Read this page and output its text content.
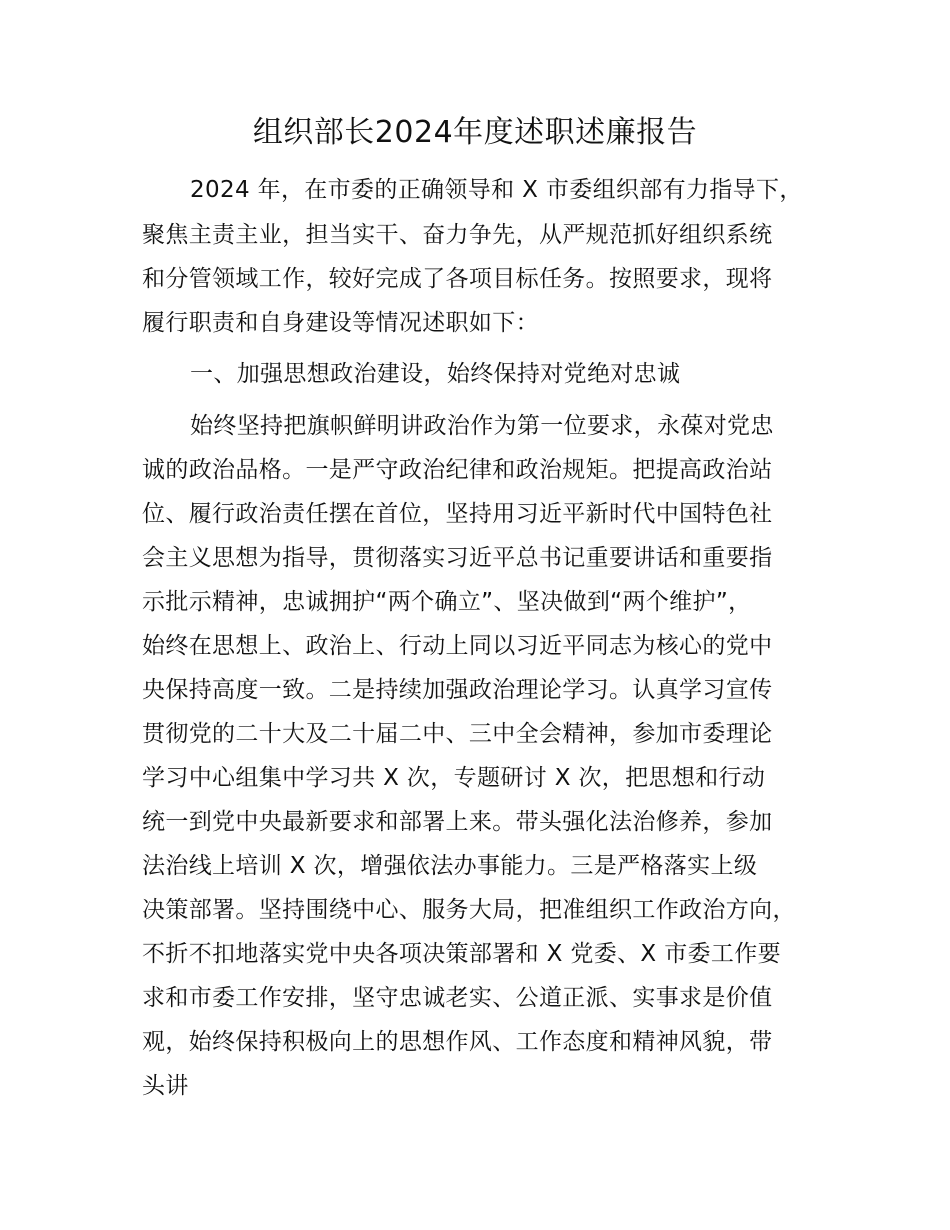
组织部长2024年度述职述廉报告

2024 年，在市委的正确领导和 X 市委组织部有力指导下，

聚焦主责主业，担当实干、奋力争先，从严规范抓好组织系统

和分管领域工作，较好完成了各项目标任务。按照要求，现将

履行职责和自身建设等情况述职如下：

一、加强思想政治建设，始终保持对党绝对忠诚

始终坚持把旗帜鲜明讲政治作为第一位要求，永葆对党忠

诚的政治品格。一是严守政治纪律和政治规矩。把提高政治站

位、履行政治责任摆在首位，坚持用习近平新时代中国特色社

会主义思想为指导，贯彻落实习近平总书记重要讲话和重要指

示批示精神，忠诚拥护“两个确立”、坚决做到“两个维护”，

始终在思想上、政治上、行动上同以习近平同志为核心的党中

央保持高度一致。二是持续加强政治理论学习。认真学习宣传

贯彻党的二十大及二十届二中、三中全会精神，参加市委理论

学习中心组集中学习共 X 次，专题研讨 X 次，把思想和行动

统一到党中央最新要求和部署上来。带头强化法治修养，参加

法治线上培训 X 次，增强依法办事能力。三是严格落实上级

决策部署。坚持围绕中心、服务大局，把准组织工作政治方向，

不折不扣地落实党中央各项决策部署和 X 党委、X 市委工作要

求和市委工作安排，坚守忠诚老实、公道正派、实事求是价值

观，始终保持积极向上的思想作风、工作态度和精神风貌，带

头讲
